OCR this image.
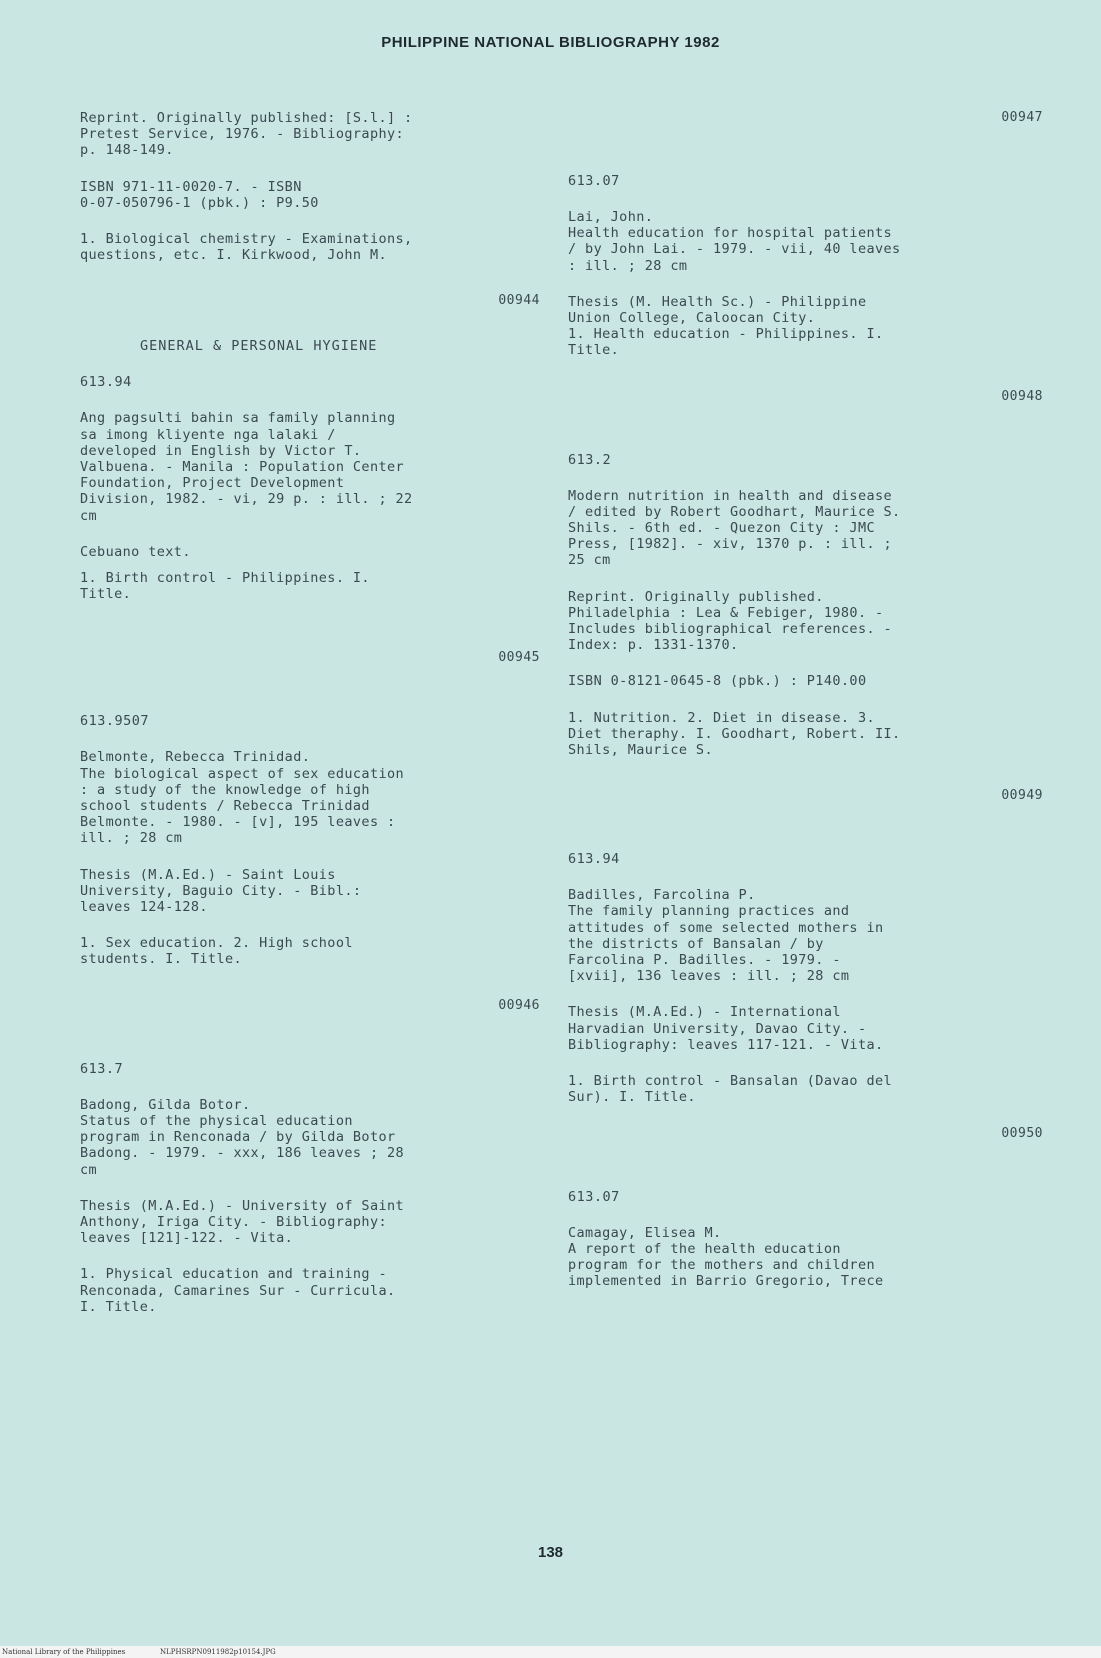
PHILIPPINE NATIONAL BIBLIOGRAPHY 1982

Reprint. Originally published: [S.l.] :
Pretest Service, 1976. - Bibliography:
p. 148-149.

ISBN 971-11-0020-7. - ISBN
0-07-050796-1 (pbk.) : P9.50

1. Biological chemistry - Examinations,
questions, etc. I. Kirkwood, John M.

00944

GENERAL & PERSONAL HYGIENE

613.94

Ang pagsulti bahin sa family planning
sa imong kliyente nga lalaki /
developed in English by Victor T.
Valbuena. - Manila : Population Center
Foundation, Project Development
Division, 1982. - vi, 29 p. : ill. ; 22
cm

Cebuano text.

1. Birth control - Philippines. I.
Title.

00945

613.9507

Belmonte, Rebecca Trinidad.
The biological aspect of sex education
: a study of the knowledge of high
school students / Rebecca Trinidad
Belmonte. - 1980. - [v], 195 leaves :
ill. ; 28 cm

Thesis (M.A.Ed.) - Saint Louis
University, Baguio City. - Bibl.:
leaves 124-128.

1. Sex education. 2. High school
students. I. Title.

00946

613.7

Badong, Gilda Botor.
Status of the physical education
program in Renconada / by Gilda Botor
Badong. - 1979. - xxx, 186 leaves ; 28
cm

Thesis (M.A.Ed.) - University of Saint
Anthony, Iriga City. - Bibliography:
leaves [121]-122. - Vita.

1. Physical education and training -
Renconada, Camarines Sur - Curricula.
I. Title.

00947

613.07

Lai, John.
Health education for hospital patients
/ by John Lai. - 1979. - vii, 40 leaves
: ill. ; 28 cm

Thesis (M. Health Sc.) - Philippine
Union College, Caloocan City.
1. Health education - Philippines. I.
Title.

00948

613.2

Modern nutrition in health and disease
/ edited by Robert Goodhart, Maurice S.
Shils. - 6th ed. - Quezon City : JMC
Press, [1982]. - xiv, 1370 p. : ill. ;
25 cm

Reprint. Originally published.
Philadelphia : Lea & Febiger, 1980. -
Includes bibliographical references. -
Index: p. 1331-1370.

ISBN 0-8121-0645-8 (pbk.) : P140.00

1. Nutrition. 2. Diet in disease. 3.
Diet theraphy. I. Goodhart, Robert. II.
Shils, Maurice S.

00949

613.94

Badilles, Farcolina P.
The family planning practices and
attitudes of some selected mothers in
the districts of Bansalan / by
Farcolina P. Badilles. - 1979. -
[xvii], 136 leaves : ill. ; 28 cm

Thesis (M.A.Ed.) - International
Harvadian University, Davao City. -
Bibliography: leaves 117-121. - Vita.

1. Birth control - Bansalan (Davao del
Sur). I. Title.

00950

613.07

Camagay, Elisea M.
A report of the health education
program for the mothers and children
implemented in Barrio Gregorio, Trece

138
National Library of the Philippines	NLPHSRPN0911982p10154.JPG
